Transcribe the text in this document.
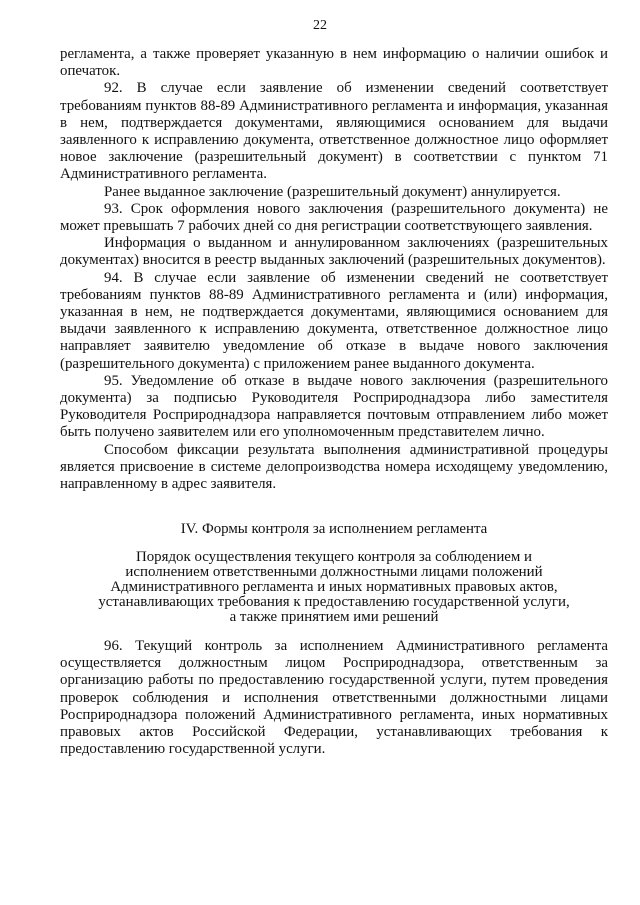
22

регламента, а также проверяет указанную в нем информацию о наличии ошибок и опечаток.

92. В случае если заявление об изменении сведений соответствует требованиям пунктов 88-89 Административного регламента и информация, указанная в нем, подтверждается документами, являющимися основанием для выдачи заявленного к исправлению документа, ответственное должностное лицо оформляет новое заключение (разрешительный документ) в соответствии с пунктом 71 Административного регламента.

Ранее выданное заключение (разрешительный документ) аннулируется.

93. Срок оформления нового заключения (разрешительного документа) не может превышать 7 рабочих дней со дня регистрации соответствующего заявления.

Информация о выданном и аннулированном заключениях (разрешительных документах) вносится в реестр выданных заключений (разрешительных документов).

94. В случае если заявление об изменении сведений не соответствует требованиям пунктов 88-89 Административного регламента и (или) информация, указанная в нем, не подтверждается документами, являющимися основанием для выдачи заявленного к исправлению документа, ответственное должностное лицо направляет заявителю уведомление об отказе в выдаче нового заключения (разрешительного документа) с приложением ранее выданного документа.

95. Уведомление об отказе в выдаче нового заключения (разрешительного документа) за подписью Руководителя Росприроднадзора либо заместителя Руководителя Росприроднадзора направляется почтовым отправлением либо может быть получено заявителем или его уполномоченным представителем лично.

Способом фиксации результата выполнения административной процедуры является присвоение в системе делопроизводства номера исходящему уведомлению, направленному в адрес заявителя.

IV. Формы контроля за исполнением регламента
Порядок осуществления текущего контроля за соблюдением и
исполнением ответственными должностными лицами положений
Административного регламента и иных нормативных правовых актов,
устанавливающих требования к предоставлению государственной услуги,
а также принятием ими решений

96. Текущий контроль за исполнением Административного регламента осуществляется должностным лицом Росприроднадзора, ответственным за организацию работы по предоставлению государственной услуги, путем проведения проверок соблюдения и исполнения ответственными должностными лицами Росприроднадзора положений Административного регламента, иных нормативных правовых актов Российской Федерации, устанавливающих требования к предоставлению государственной услуги.
